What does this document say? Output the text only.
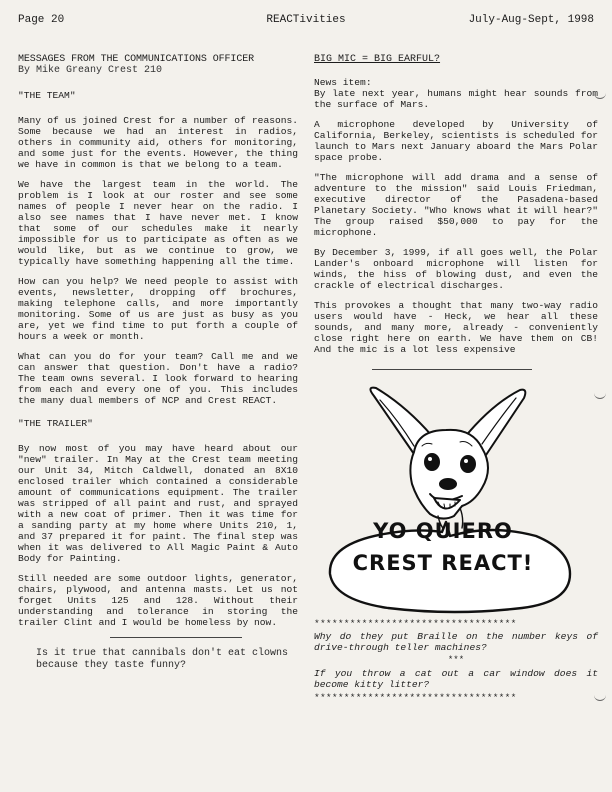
Page 20	REACTivities	July-Aug-Sept, 1998
MESSAGES FROM THE COMMUNICATIONS OFFICER
By Mike Greany Crest 210
"THE TEAM"

Many of us joined Crest for a number of reasons. Some because we had an interest in radios, others in community aid, others for monitoring, and some just for the events. However, the thing we have in common is that we belong to a team.

We have the largest team in the world. The problem is I look at our roster and see some names of people I never hear on the radio. I also see names that I have never met. I know that some of our schedules make it nearly impossible for us to participate as often as we would like, but as we continue to grow, we typically have something happening all the time.

How can you help? We need people to assist with events, newsletter, dropping off brochures, making telephone calls, and more importantly monitoring. Some of us are just as busy as you are, yet we find time to put forth a couple of hours a week or month.

What can you do for your team? Call me and we can answer that question. Don't have a radio? The team owns several. I look forward to hearing from each and every one of you. This includes the many dual members of NCP and Crest REACT.

"THE TRAILER"

By now most of you may have heard about our "new" trailer. In May at the Crest team meeting our Unit 34, Mitch Caldwell, donated an 8X10 enclosed trailer which contained a considerable amount of communications equipment. The trailer was stripped of all paint and rust, and sprayed with a new coat of primer. Then it was time for a sanding party at my home where Units 210, 1, and 37 prepared it for paint. The final step was when it was delivered to All Magic Paint & Auto Body for Painting.

Still needed are some outdoor lights, generator, chairs, plywood, and antenna masts. Let us not forget Units 125 and 128. Without their understanding and tolerance in storing the trailer Clint and I would be homeless by now.

Is it true that cannibals don't eat clowns because they taste funny?
BIG MIC = BIG EARFUL?
News item:

By late next year, humans might hear sounds from the surface of Mars.

A microphone developed by University of California, Berkeley, scientists is scheduled for launch to Mars next January aboard the Mars Polar space probe.

"The microphone will add drama and a sense of adventure to the mission" said Louis Friedman, executive director of the Pasadena-based Planetary Society. "Who knows what it will hear?" The group raised $50,000 to pay for the microphone.

By December 3, 1999, if all goes well, the Polar Lander's onboard microphone will listen for winds, the hiss of blowing dust, and even the crackle of electrical discharges.

This provokes a thought that many two-way radio users would have - Heck, we hear all these sounds, and many more, already - conveniently close right here on earth. We have them on CB! And the mic is a lot less expensive

YO QUIERO
CREST REACT!
**********************************
Why do they put Braille on the number keys of drive-through teller machines?
***
If you throw a cat out a car window does it become kitty litter?
**********************************
